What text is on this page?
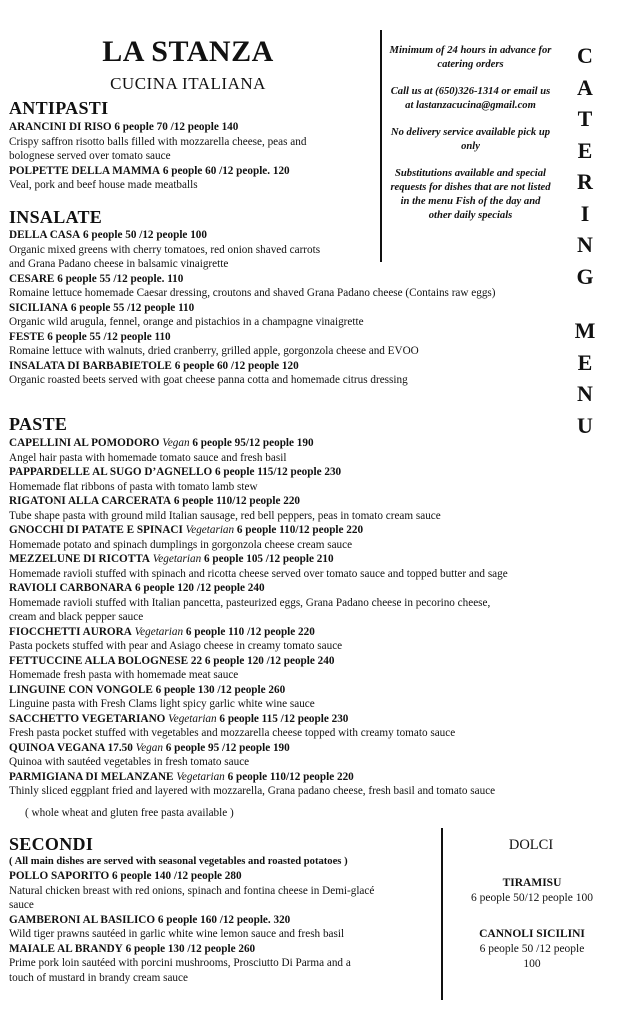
LA STANZA
CUCINA ITALIANA

Minimum of 24 hours in advance for catering orders

Call us at (650)326-1314 or email us at lastanzacucina@gmail.com

No delivery service available pick up only

Substitutions available and special requests for dishes that are not listed in the menu Fish of the day and other daily specials

C
A
T
E
R
I
N
G
M
E
N
U
ANTIPASTI
ARANCINI DI RISO 6 people 70 /12 people 140
Crispy saffron risotto balls filled with mozzarella cheese, peas and
bolognese served over tomato sauce
POLPETTE DELLA MAMMA 6 people 60 /12 people. 120
Veal, pork and beef house made meatballs
INSALATE
DELLA CASA 6 people 50 /12 people 100
Organic mixed greens with cherry tomatoes, red onion shaved carrots
and Grana Padano cheese in balsamic vinaigrette
CESARE 6 people 55 /12 people. 110
Romaine lettuce homemade Caesar dressing, croutons and shaved Grana Padano cheese (Contains raw eggs)
SICILIANA 6 people 55 /12 people 110
Organic wild arugula, fennel, orange and pistachios in a champagne vinaigrette
FESTE 6 people 55 /12 people 110
Romaine lettuce with walnuts, dried cranberry, grilled apple, gorgonzola cheese and EVOO
INSALATA DI BARBABIETOLE 6 people 60 /12 people 120
Organic roasted beets served with goat cheese panna cotta and homemade citrus dressing
PASTE
CAPELLINI AL POMODORO Vegan 6 people 95/12 people 190
Angel hair pasta with homemade tomato sauce and fresh basil
PAPPARDELLE AL SUGO D’AGNELLO 6 people 115/12 people 230
Homemade flat ribbons of pasta with tomato lamb stew
RIGATONI ALLA CARCERATA 6 people 110/12 people 220
Tube shape pasta with ground mild Italian sausage, red bell peppers, peas in tomato cream sauce
GNOCCHI DI PATATE E SPINACI Vegetarian 6 people 110/12 people 220
Homemade potato and spinach dumplings in gorgonzola cheese cream sauce
MEZZELUNE DI RICOTTA Vegetarian 6 people 105 /12 people 210
Homemade ravioli stuffed with spinach and ricotta cheese served over tomato sauce and topped butter and sage
RAVIOLI CARBONARA 6 people 120 /12 people 240
Homemade ravioli stuffed with Italian pancetta, pasteurized eggs, Grana Padano cheese in pecorino cheese,
cream and black pepper sauce
FIOCCHETTI AURORA Vegetarian 6 people 110 /12 people 220
Pasta pockets stuffed with pear and Asiago cheese in creamy tomato sauce
FETTUCCINE ALLA BOLOGNESE 22 6 people 120 /12 people 240
Homemade fresh pasta with homemade meat sauce
LINGUINE CON VONGOLE 6 people 130 /12 people 260
Linguine pasta with Fresh Clams light spicy garlic white wine sauce
SACCHETTO VEGETARIANO Vegetarian 6 people 115 /12 people 230
Fresh pasta pocket stuffed with vegetables and mozzarella cheese topped with creamy tomato sauce
QUINOA VEGANA 17.50 Vegan 6 people 95 /12 people 190
Quinoa with sautéed vegetables in fresh tomato sauce
PARMIGIANA DI MELANZANE Vegetarian 6 people 110/12 people 220
Thinly sliced eggplant fried and layered with mozzarella, Grana padano cheese, fresh basil and tomato sauce
( whole wheat and gluten free pasta available )
SECONDI
( All main dishes are served with seasonal vegetables and roasted potatoes )
POLLO SAPORITO 6 people 140 /12 people 280
Natural chicken breast with red onions, spinach and fontina cheese in Demi-glacé
sauce
GAMBERONI AL BASILICO 6 people 160 /12 people. 320
Wild tiger prawns sautéed in garlic white wine lemon sauce and fresh basil
MAIALE AL BRANDY 6 people 130 /12 people 260
Prime pork loin sautéed with porcini mushrooms, Prosciutto Di Parma and a
touch of mustard in brandy cream sauce
DOLCI
TIRAMISU
6 people 50/12 people 100
CANNOLI SICILINI
6 people 50 /12 people
100
